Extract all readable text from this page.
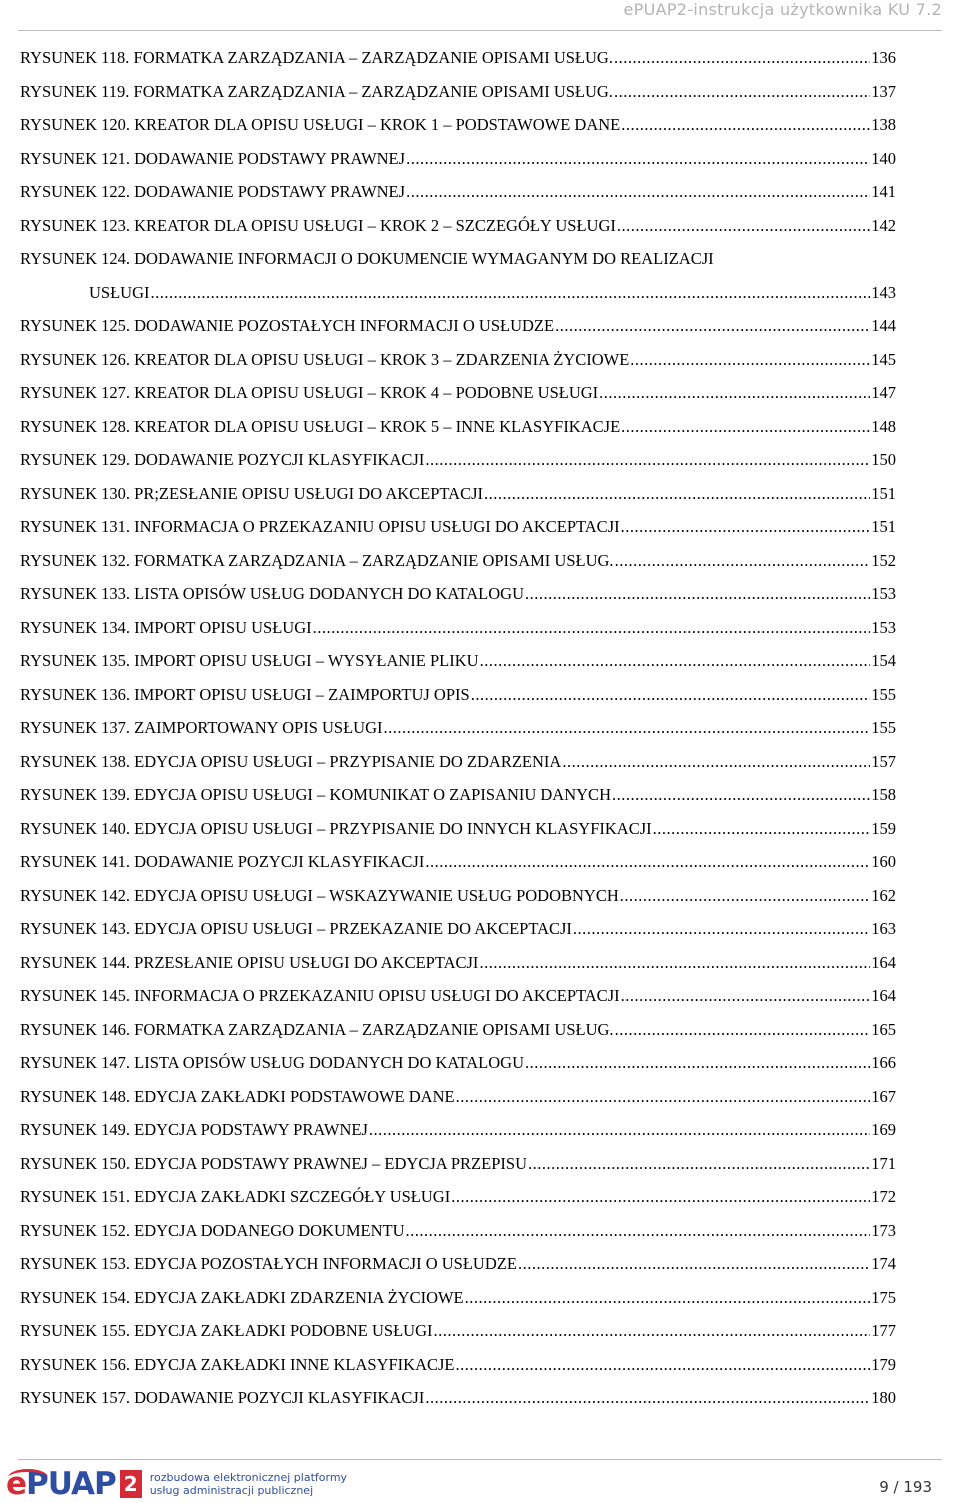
ePUAP2-instrukcja użytkownika KU 7.2
RYSUNEK 118. FORMATKA ZARZĄDZANIA – ZARZĄDZANIE OPISAMI USŁUG. .....	136
RYSUNEK 119. FORMATKA ZARZĄDZANIA – ZARZĄDZANIE OPISAMI USŁUG. .....	137
RYSUNEK 120. KREATOR DLA OPISU USŁUGI – KROK 1 – PODSTAWOWE DANE .....	138
RYSUNEK 121. DODAWANIE PODSTAWY PRAWNEJ .....	140
RYSUNEK 122. DODAWANIE PODSTAWY PRAWNEJ .....	141
RYSUNEK 123. KREATOR DLA OPISU USŁUGI – KROK 2 – SZCZEGÓŁY USŁUGI .....	142
RYSUNEK 124. DODAWANIE INFORMACJI O DOKUMENCIE WYMAGANYM DO REALIZACJI
USŁUGI .....	143
RYSUNEK 125. DODAWANIE POZOSTAŁYCH INFORMACJI O USŁUDZE .....	144
RYSUNEK 126. KREATOR DLA OPISU USŁUGI – KROK 3 – ZDARZENIA ŻYCIOWE .....	145
RYSUNEK 127. KREATOR DLA OPISU USŁUGI – KROK 4 – PODOBNE USŁUGI .....	147
RYSUNEK 128. KREATOR DLA OPISU USŁUGI – KROK 5 – INNE KLASYFIKACJE .....	148
RYSUNEK 129. DODAWANIE POZYCJI KLASYFIKACJI .....	150
RYSUNEK 130. PR;ZESŁANIE OPISU USŁUGI DO AKCEPTACJI .....	151
RYSUNEK 131. INFORMACJA O PRZEKAZANIU OPISU USŁUGI DO AKCEPTACJI .....	151
RYSUNEK 132. FORMATKA ZARZĄDZANIA – ZARZĄDZANIE OPISAMI USŁUG. .....	152
RYSUNEK 133. LISTA OPISÓW USŁUG DODANYCH DO KATALOGU .....	153
RYSUNEK 134. IMPORT OPISU USŁUGI .....	153
RYSUNEK 135. IMPORT OPISU USŁUGI – WYSYŁANIE PLIKU .....	154
RYSUNEK 136. IMPORT OPISU USŁUGI – ZAIMPORTUJ OPIS .....	155
RYSUNEK 137. ZAIMPORTOWANY OPIS USŁUGI .....	155
RYSUNEK 138. EDYCJA OPISU USŁUGI – PRZYPISANIE DO ZDARZENIA .....	157
RYSUNEK 139. EDYCJA OPISU USŁUGI – KOMUNIKAT O ZAPISANIU DANYCH .....	158
RYSUNEK 140. EDYCJA OPISU USŁUGI – PRZYPISANIE DO INNYCH KLASYFIKACJI .....	159
RYSUNEK 141. DODAWANIE POZYCJI KLASYFIKACJI .....	160
RYSUNEK 142. EDYCJA OPISU USŁUGI – WSKAZYWANIE USŁUG PODOBNYCH .....	162
RYSUNEK 143. EDYCJA OPISU USŁUGI – PRZEKAZANIE DO AKCEPTACJI .....	163
RYSUNEK 144. PRZESŁANIE OPISU USŁUGI DO AKCEPTACJI .....	164
RYSUNEK 145. INFORMACJA O PRZEKAZANIU OPISU USŁUGI DO AKCEPTACJI .....	164
RYSUNEK 146. FORMATKA ZARZĄDZANIA – ZARZĄDZANIE OPISAMI USŁUG. .....	165
RYSUNEK 147. LISTA OPISÓW USŁUG DODANYCH DO KATALOGU .....	166
RYSUNEK 148. EDYCJA ZAKŁADKI PODSTAWOWE DANE .....	167
RYSUNEK 149. EDYCJA PODSTAWY PRAWNEJ .....	169
RYSUNEK 150. EDYCJA PODSTAWY PRAWNEJ – EDYCJA PRZEPISU .....	171
RYSUNEK 151. EDYCJA ZAKŁADKI SZCZEGÓŁY USŁUGI .....	172
RYSUNEK 152. EDYCJA DODANEGO DOKUMENTU .....	173
RYSUNEK 153. EDYCJA POZOSTAŁYCH INFORMACJI O USŁUDZE .....	174
RYSUNEK 154. EDYCJA ZAKŁADKI ZDARZENIA ŻYCIOWE .....	175
RYSUNEK 155. EDYCJA ZAKŁADKI PODOBNE USŁUGI .....	177
RYSUNEK 156. EDYCJA ZAKŁADKI INNE KLASYFIKACJE .....	179
RYSUNEK 157. DODAWANIE POZYCJI KLASYFIKACJI .....	180
ePUAP 2	rozbudowa elektronicznej platformy
usług administracji publicznej	9 / 193
